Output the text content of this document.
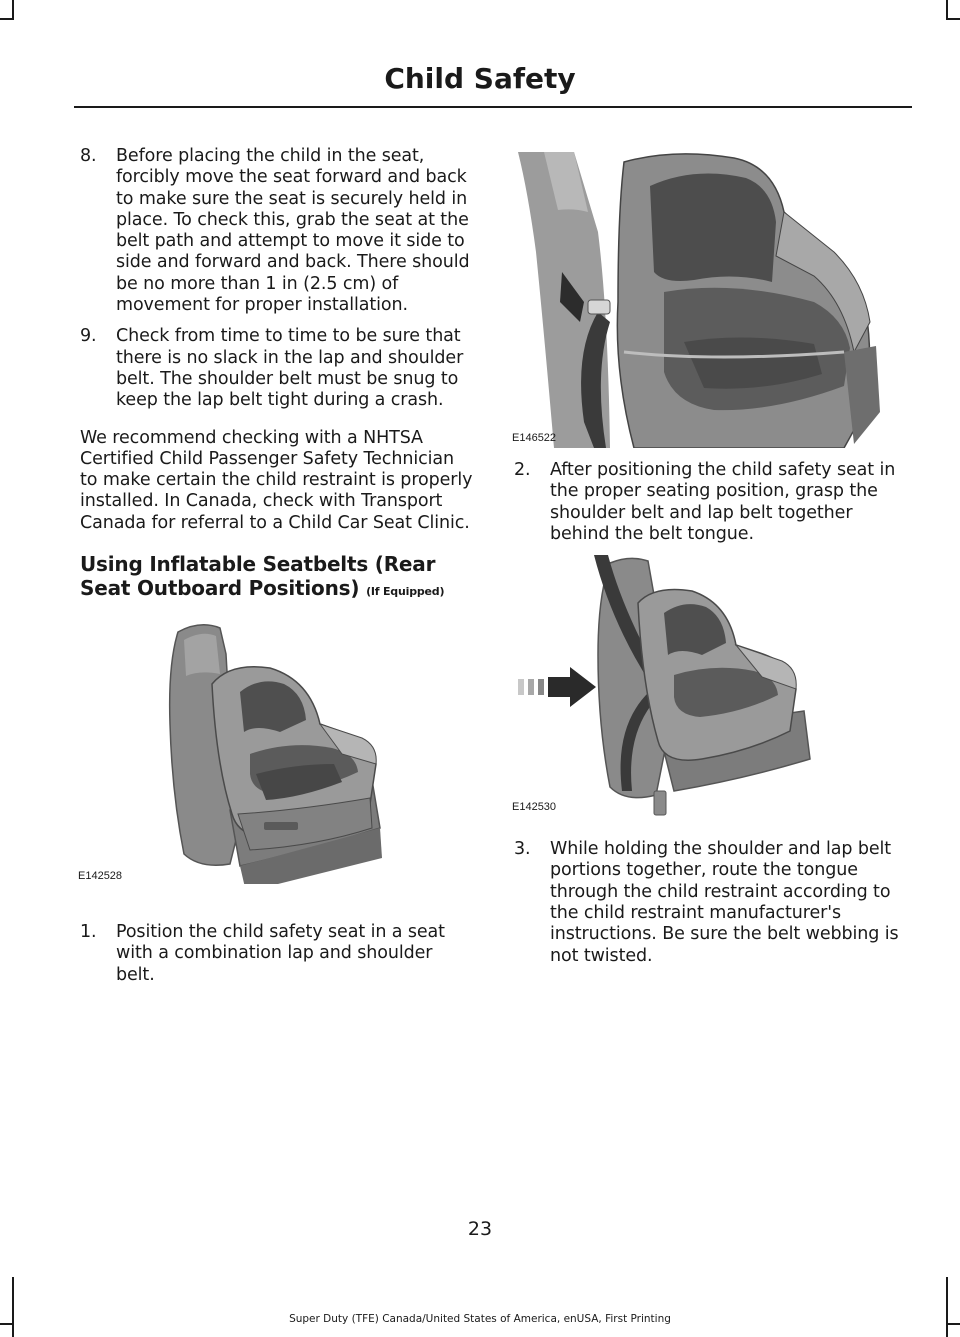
Child Safety
8.	Before placing the child in the seat, forcibly move the seat forward and back to make sure the seat is securely held in place. To check this, grab the seat at the belt path and attempt to move it side to side and forward and back. There should be no more than 1 in (2.5 cm) of movement for proper installation.
9.	Check from time to time to be sure that there is no slack in the lap and shoulder belt. The shoulder belt must be snug to keep the lap belt tight during a crash.

We recommend checking with a NHTSA Certified Child Passenger Safety Technician to make certain the child restraint is properly installed. In Canada, check with Transport Canada for referral to a Child Car Seat Clinic.

Using Inflatable Seatbelts (Rear Seat Outboard Positions) (If Equipped)
E142528
1.	Position the child safety seat in a seat with a combination lap and shoulder belt.
E146522
2.	After positioning the child safety seat in the proper seating position, grasp the shoulder belt and lap belt together behind the belt tongue.
E142530
3.	While holding the shoulder and lap belt portions together, route the tongue through the child restraint according to the child restraint manufacturer's instructions. Be sure the belt webbing is not twisted.
23
Super Duty (TFE) Canada/United States of America, enUSA, First Printing
